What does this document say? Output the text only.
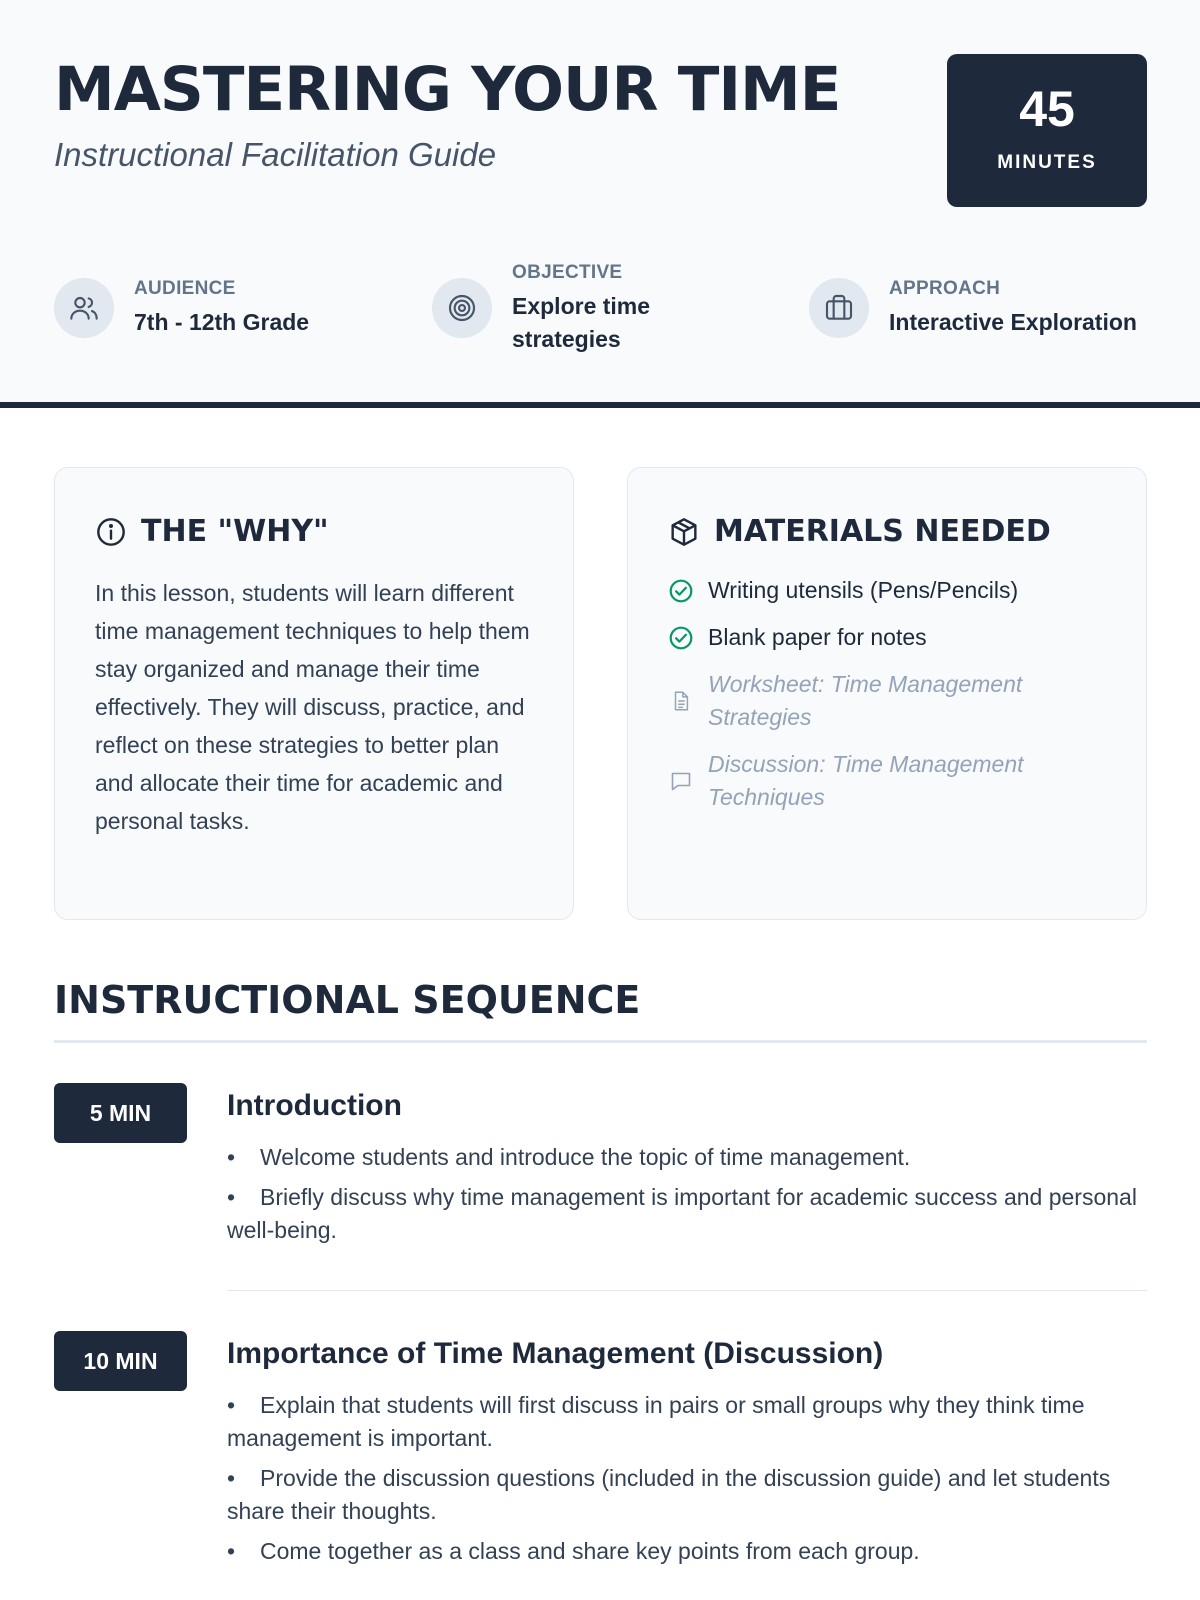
MASTERING YOUR TIME
Instructional Facilitation Guide
45
MINUTES
AUDIENCE
7th - 12th Grade
OBJECTIVE
Explore time strategies
APPROACH
Interactive Exploration
THE "WHY"

In this lesson, students will learn different time management techniques to help them stay organized and manage their time effectively. They will discuss, practice, and reflect on these strategies to better plan and allocate their time for academic and personal tasks.

MATERIALS NEEDED
Writing utensils (Pens/Pencils)
Blank paper for notes
Worksheet: Time Management Strategies
Discussion: Time Management Techniques
INSTRUCTIONAL SEQUENCE
5 MIN	Introduction
• Welcome students and introduce the topic of time management.
• Briefly discuss why time management is important for academic success and personal well-being.
10 MIN	Importance of Time Management (Discussion)
• Explain that students will first discuss in pairs or small groups why they think time management is important.
• Provide the discussion questions (included in the discussion guide) and let students share their thoughts.
• Come together as a class and share key points from each group.
